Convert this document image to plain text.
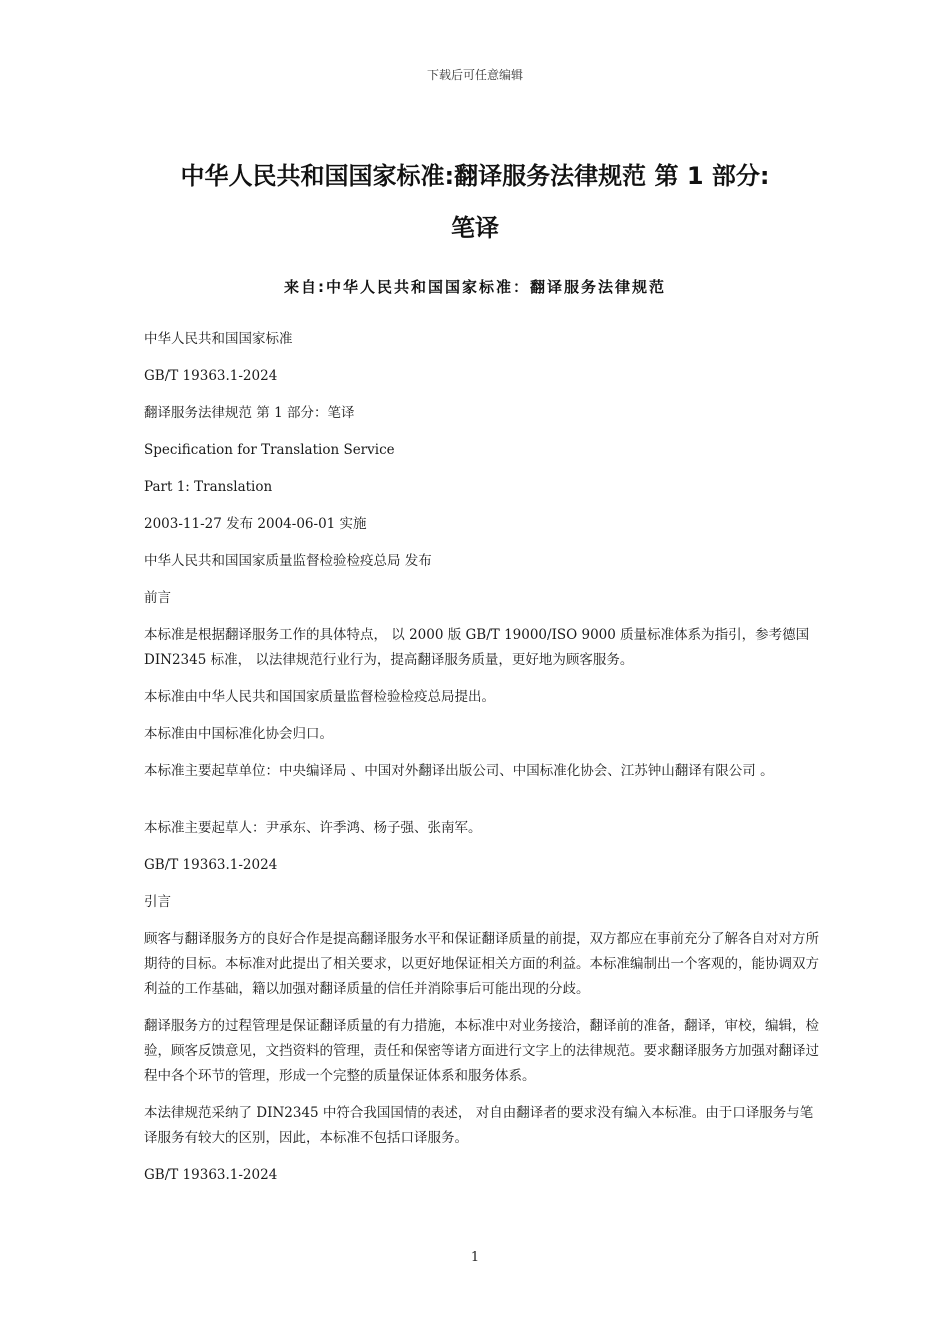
下载后可任意编辑
中华人民共和国国家标准:翻译服务法律规范 第 1 部分:
笔译
来自:中华人民共和国国家标准：翻译服务法律规范

中华人民共和国国家标准

GB/T 19363.1-2024

翻译服务法律规范 第 1 部分：笔译

Specification for Translation Service

Part 1: Translation

2003-11-27 发布 2004-06-01 实施

中华人民共和国国家质量监督检验检疫总局 发布

前言

本标准是根据翻译服务工作的具体特点， 以 2000 版 GB/T 19000/ISO 9000 质量标准体系为指引，参考德国 DIN2345 标准， 以法律规范行业行为，提高翻译服务质量，更好地为顾客服务。

本标准由中华人民共和国国家质量监督检验检疫总局提出。

本标准由中国标准化协会归口。

本标准主要起草单位：中央编译局 、中国对外翻译出版公司、中国标准化协会、江苏钟山翻译有限公司 。

本标准主要起草人：尹承东、许季鸿、杨子强、张南军。

GB/T 19363.1-2024

引言

顾客与翻译服务方的良好合作是提高翻译服务水平和保证翻译质量的前提，双方都应在事前充分了解各自对对方所期待的目标。本标准对此提出了相关要求，以更好地保证相关方面的利益。本标准编制出一个客观的，能协调双方利益的工作基础，籍以加强对翻译质量的信任并消除事后可能出现的分歧。

翻译服务方的过程管理是保证翻译质量的有力措施，本标准中对业务接洽，翻译前的准备，翻译，审校，编辑，检验，顾客反馈意见，文挡资料的管理，责任和保密等诸方面进行文字上的法律规范。要求翻译服务方加强对翻译过程中各个环节的管理，形成一个完整的质量保证体系和服务体系。

本法律规范采纳了 DIN2345 中符合我国国情的表述， 对自由翻译者的要求没有编入本标准。由于口译服务与笔译服务有较大的区别，因此，本标准不包括口译服务。

GB/T 19363.1-2024

1
